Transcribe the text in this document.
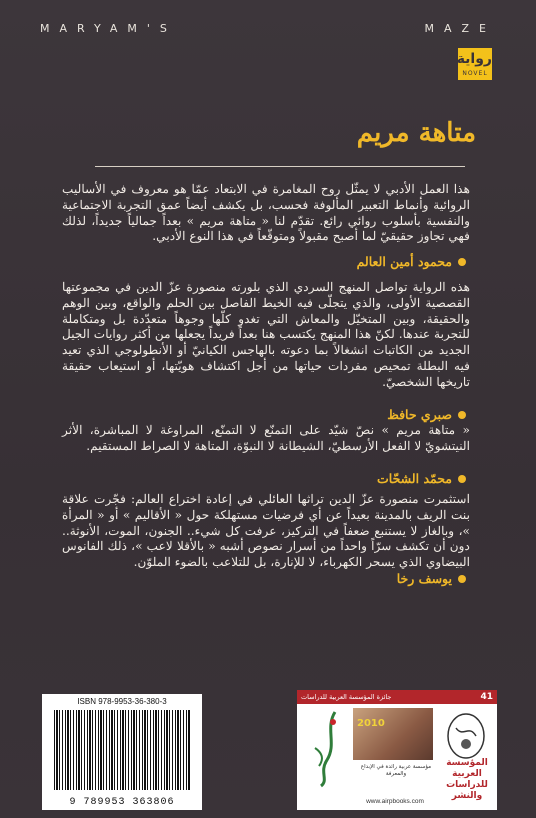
MARYAM'S	MAZE
رواية
NOVEL
متاهة مريم
هذا العمل الأدبي لا يمثّل روح المغامرة في الابتعاد عمّا هو معروف في الأساليب الروائية وأنماط التعبير المألوفة فحسب، بل يكشف أيضاً عمق التجربة الاجتماعية والنفسية بأسلوب روائي رائع. تقدّم لنا « متاهة مريم » بعداً جمالياً جديداً، لذلك فهي تجاوز حقيقيّ لما أصبح مقبولاً ومتوقّعاً في هذا النوع الأدبي.
محمود أمين العالم
هذه الرواية تواصل المنهج السردي الذي بلورته منصورة عزّ الدين في مجموعتها القصصية الأولى، والذي يتجلّى فيه الخيط الفاصل بين الحلم والواقع، وبين الوهم والحقيقة، وبين المتخيّل والمعاش التي تغدو كلّها وجوهاً متعدّدة بل ومتكاملة للتجربة عندها. لكنّ هذا المنهج يكتسب هنا بعداً فريداً يجعلها من أكثر روايات الجيل الجديد من الكاتبات انشغالاً بما دعوته بالهاجس الكيانيّ أو الأنطولوجي الذي تعيد فيه البطلة تمحيص مفردات حياتها من أجل اكتشاف هويّتها، أو استيعاب حقيقة تاريخها الشخصيّ.
صبري حافظ
« متاهة مريم » نصّ شيّد على التمنّع لا التمنّع، المراوغة لا المباشرة، الأثر النيتشويّ لا الفعل الأرسطيّ، الشيطانة لا النبوّة، المتاهة لا الصراط المستقيم.
محمّد الشحّات
استثمرت منصورة عزّ الدين تراثها العائلي في إعادة اختراع العالم: فجّرت علاقة بنت الريف بالمدينة بعيداً عن أي فرضيات مستهلكة حول « الأقاليم » أو « المرأة »، وبالغاز لا يستنبع ضعفاً في التركيز، عرفت كل شيء.. الجنون، الموت، الأنوثة.. دون أن تكشف سرّاً واحداً من أسرار نصوص أشبه « بالأقلا لاعب »، ذلك الفانوس البيضاوي الذي يسحر الكهرباء، لا للإنارة، بل للتلاعب بالضوء الملوّن.
يوسف رخا
ISBN 978-9953-36-380-3
9 789953 363806
41
جائزة المؤسسة العربية للدراسات
2010
مؤسسة عربية رائدة في الإبداع والمعرفة
www.airpbooks.com
المؤسسة العربية للدراسات والنشر
